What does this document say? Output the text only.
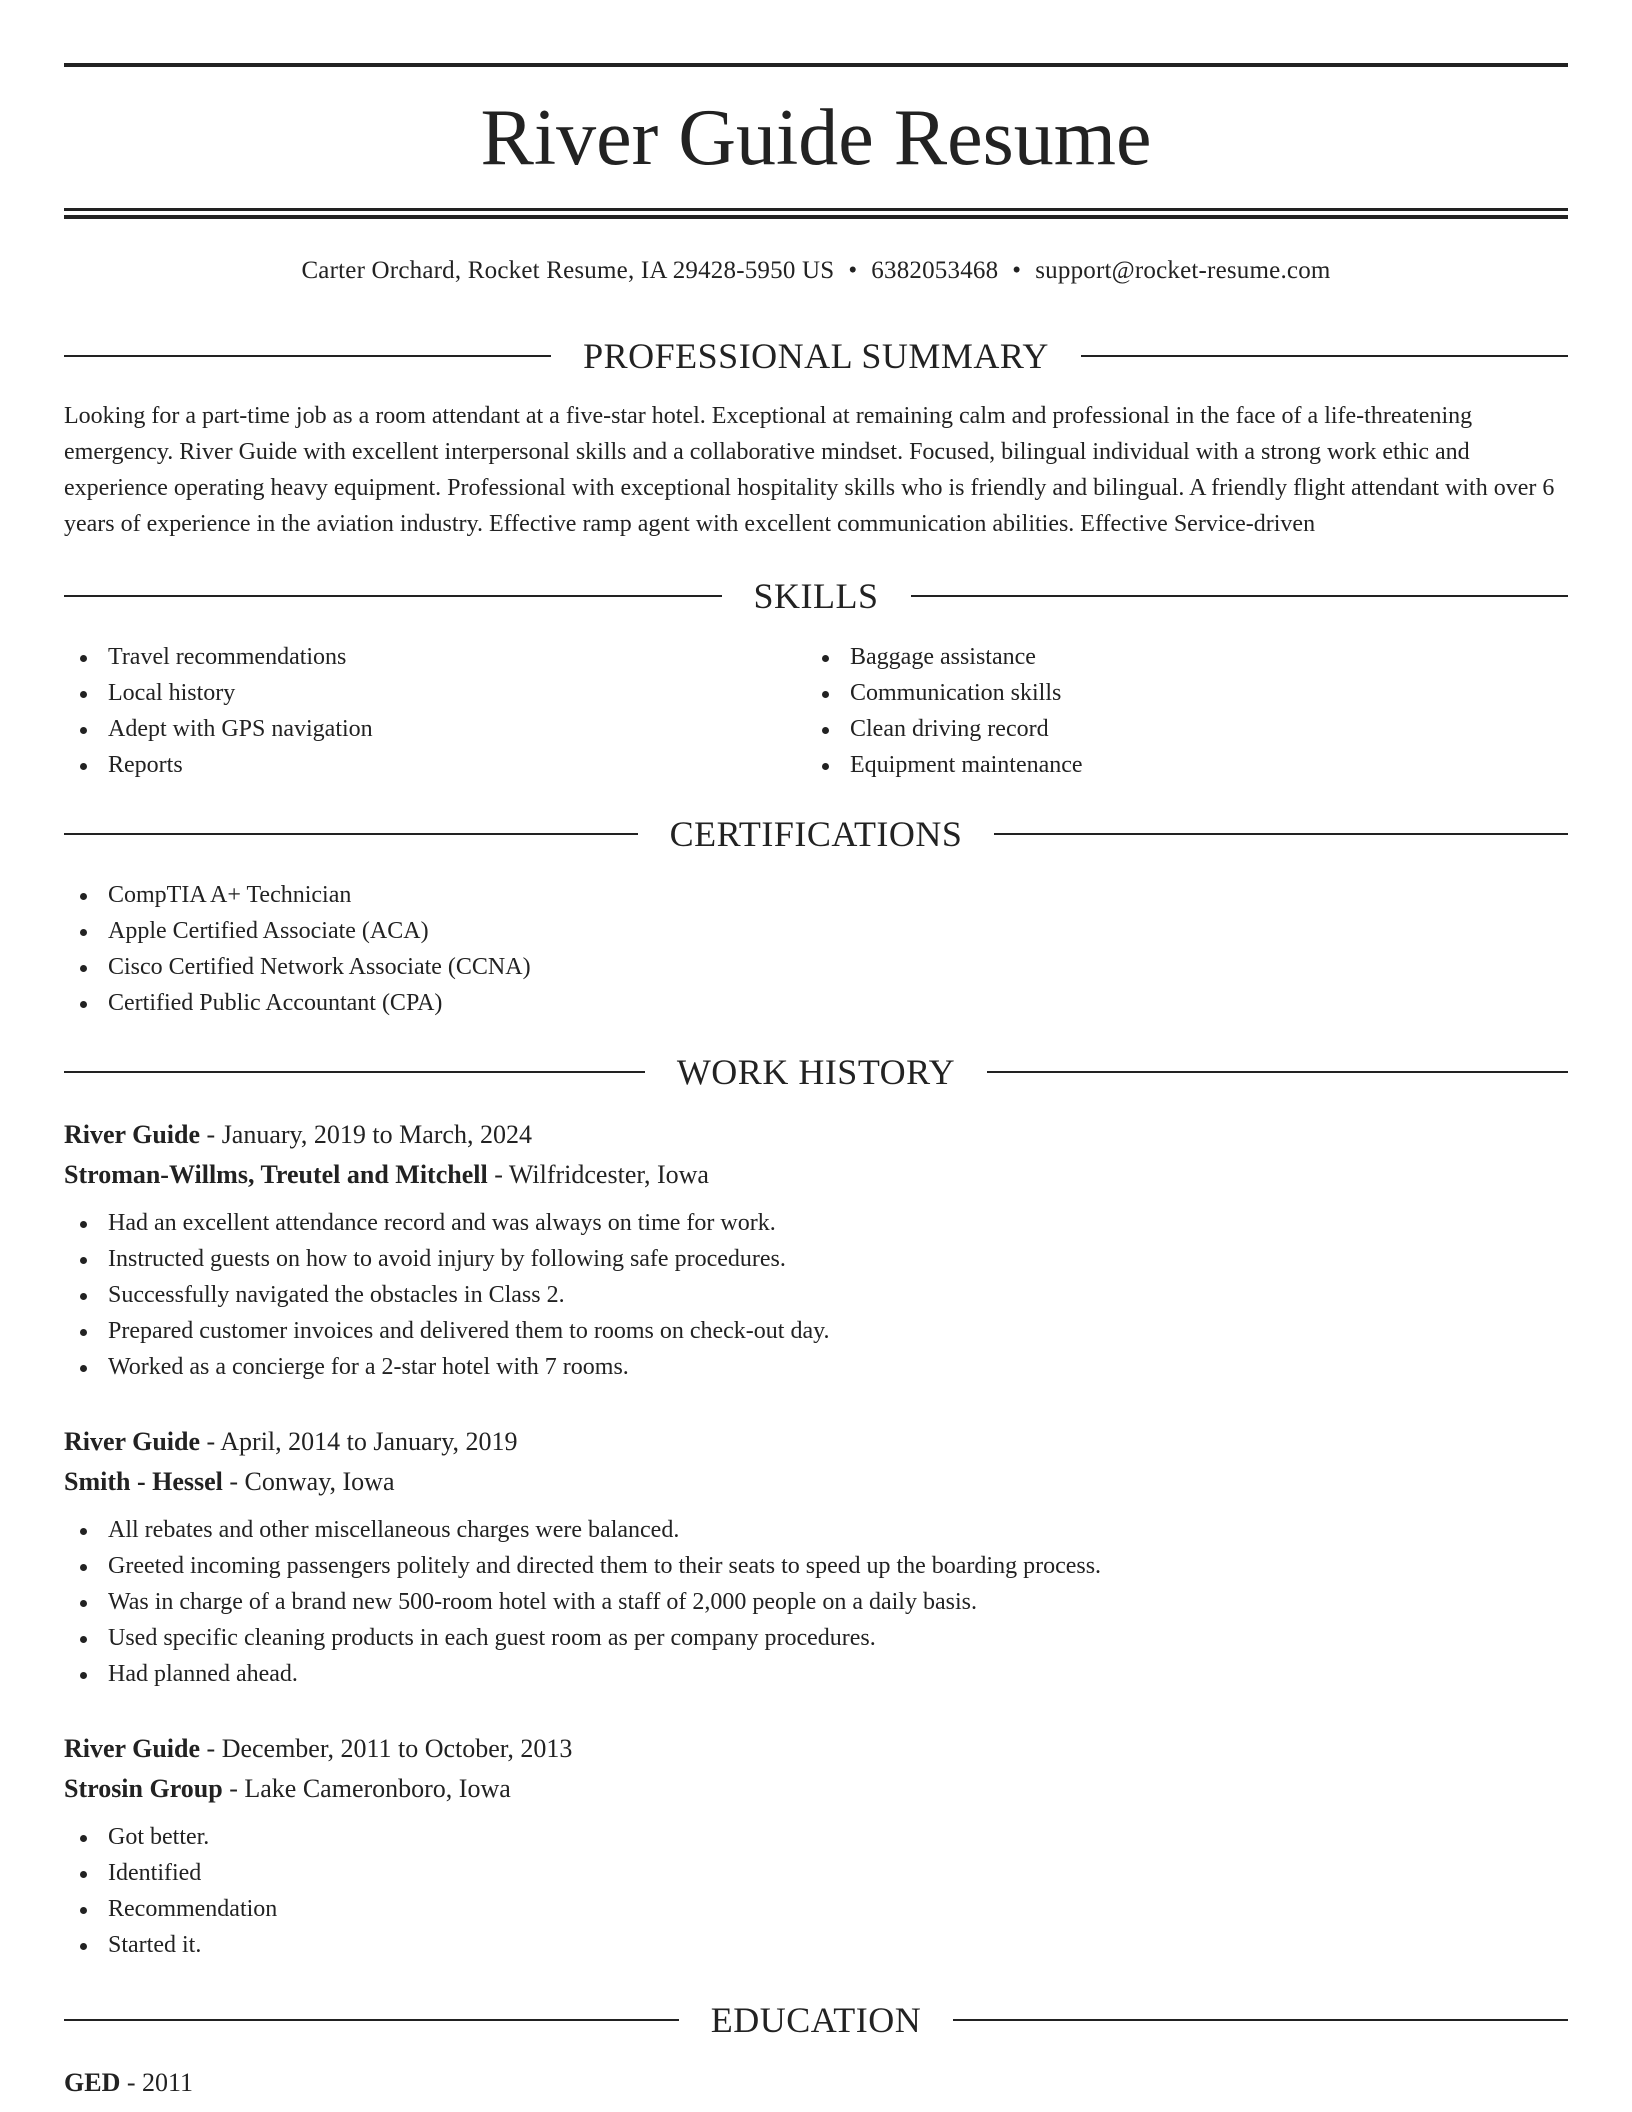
River Guide Resume
Carter Orchard, Rocket Resume, IA 29428-5950 US • 6382053468 • support@rocket-resume.com
PROFESSIONAL SUMMARY

Looking for a part-time job as a room attendant at a five-star hotel. Exceptional at remaining calm and professional in the face of a life-threatening emergency. River Guide with excellent interpersonal skills and a collaborative mindset. Focused, bilingual individual with a strong work ethic and experience operating heavy equipment. Professional with exceptional hospitality skills who is friendly and bilingual. A friendly flight attendant with over 6 years of experience in the aviation industry. Effective ramp agent with excellent communication abilities. Effective Service-driven

SKILLS
Travel recommendations
Local history
Adept with GPS navigation
Reports
Baggage assistance
Communication skills
Clean driving record
Equipment maintenance
CERTIFICATIONS
CompTIA A+ Technician
Apple Certified Associate (ACA)
Cisco Certified Network Associate (CCNA)
Certified Public Accountant (CPA)
WORK HISTORY
River Guide - January, 2019 to March, 2024
Stroman-Willms, Treutel and Mitchell - Wilfridcester, Iowa
Had an excellent attendance record and was always on time for work.
Instructed guests on how to avoid injury by following safe procedures.
Successfully navigated the obstacles in Class 2.
Prepared customer invoices and delivered them to rooms on check-out day.
Worked as a concierge for a 2-star hotel with 7 rooms.
River Guide - April, 2014 to January, 2019
Smith - Hessel - Conway, Iowa
All rebates and other miscellaneous charges were balanced.
Greeted incoming passengers politely and directed them to their seats to speed up the boarding process.
Was in charge of a brand new 500-room hotel with a staff of 2,000 people on a daily basis.
Used specific cleaning products in each guest room as per company procedures.
Had planned ahead.
River Guide - December, 2011 to October, 2013
Strosin Group - Lake Cameronboro, Iowa
Got better.
Identified
Recommendation
Started it.
EDUCATION
GED - 2011
